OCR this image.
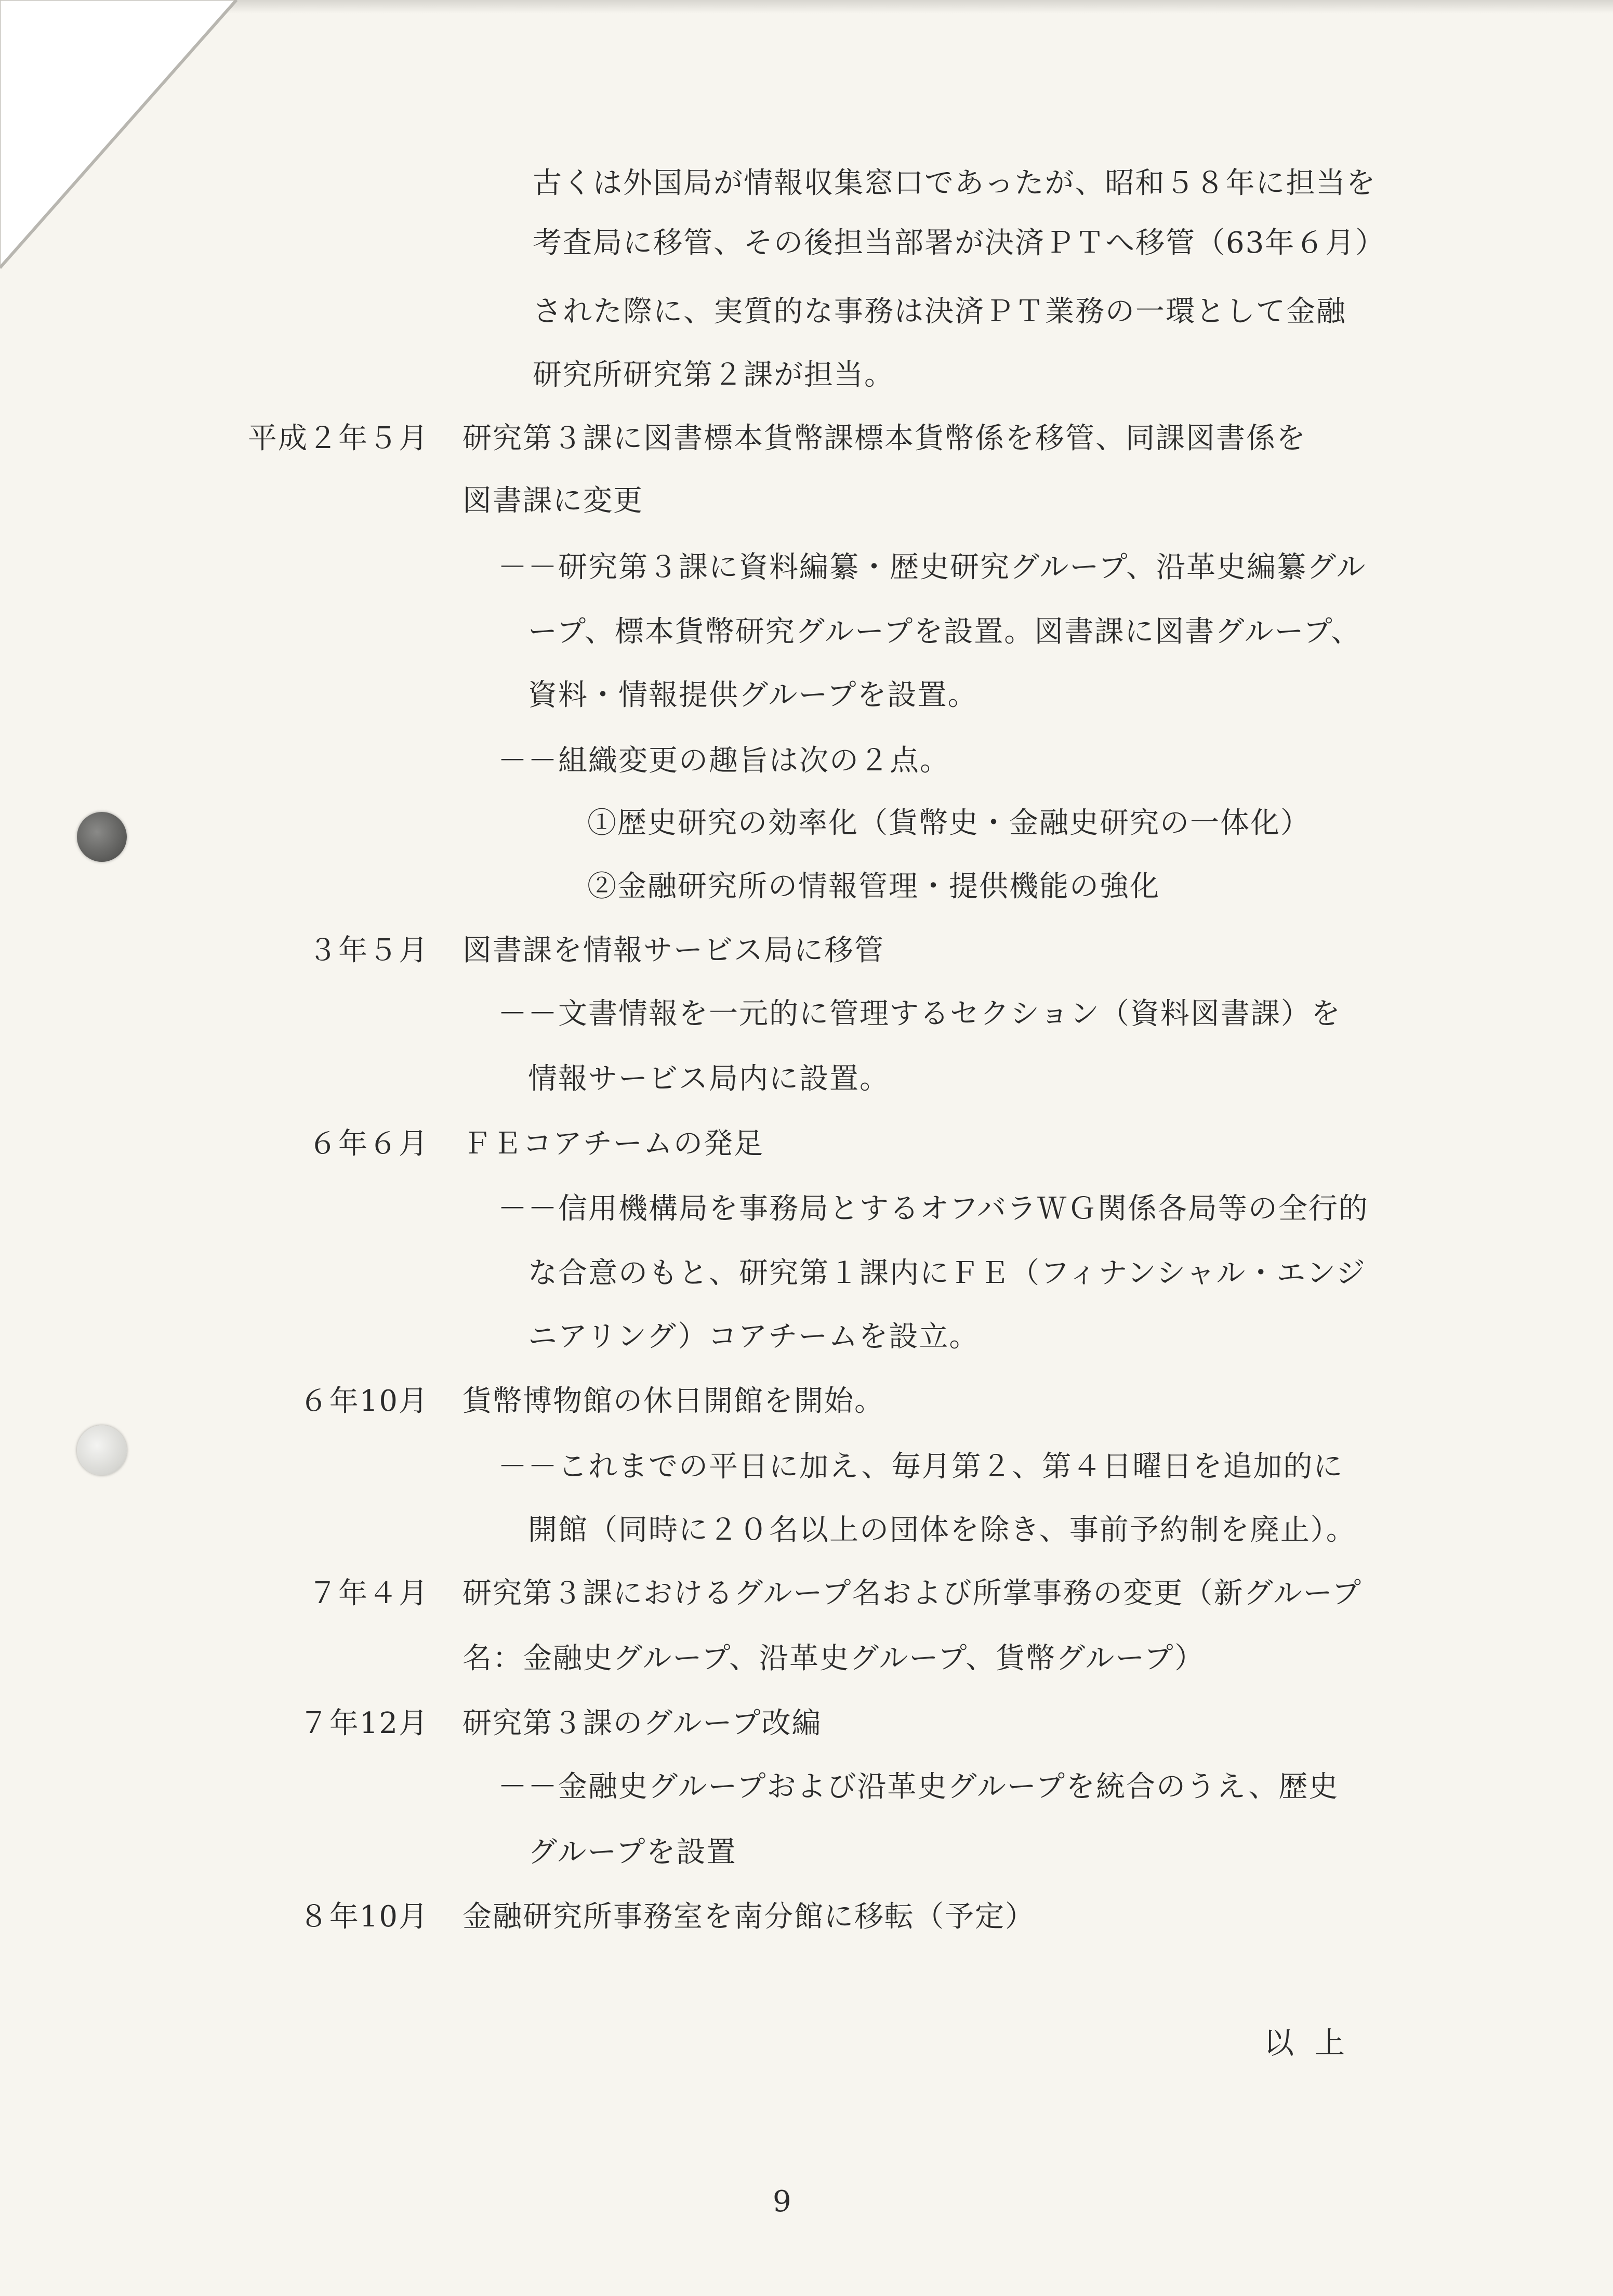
古くは外国局が情報収集窓口であったが、昭和５８年に担当を
考査局に移管、その後担当部署が決済ＰＴへ移管（63年６月）
された際に、実質的な事務は決済ＰＴ業務の一環として金融
研究所研究第２課が担当。
平成２年５月 研究第３課に図書標本貨幣課標本貨幣係を移管、同課図書係を
図書課に変更
－－研究第３課に資料編纂・歴史研究グループ、沿革史編纂グル
ープ、標本貨幣研究グループを設置。図書課に図書グループ、
資料・情報提供グループを設置。
－－組織変更の趣旨は次の２点。
①歴史研究の効率化（貨幣史・金融史研究の一体化）
②金融研究所の情報管理・提供機能の強化
３年５月 図書課を情報サービス局に移管
－－文書情報を一元的に管理するセクション（資料図書課）を
情報サービス局内に設置。
６年６月 ＦＥコアチームの発足
－－信用機構局を事務局とするオフバラＷＧ関係各局等の全行的
な合意のもと、研究第１課内にＦＥ（フィナンシャル・エンジ
ニアリング）コアチームを設立。
６年10月 貨幣博物館の休日開館を開始。
－－これまでの平日に加え、毎月第２、第４日曜日を追加的に
開館（同時に２０名以上の団体を除き、事前予約制を廃止）。
７年４月 研究第３課におけるグループ名および所掌事務の変更（新グループ
名：金融史グループ、沿革史グループ、貨幣グループ）
７年12月 研究第３課のグループ改編
－－金融史グループおよび沿革史グループを統合のうえ、歴史
グループを設置
８年10月 金融研究所事務室を南分館に移転（予定）
以上
9
